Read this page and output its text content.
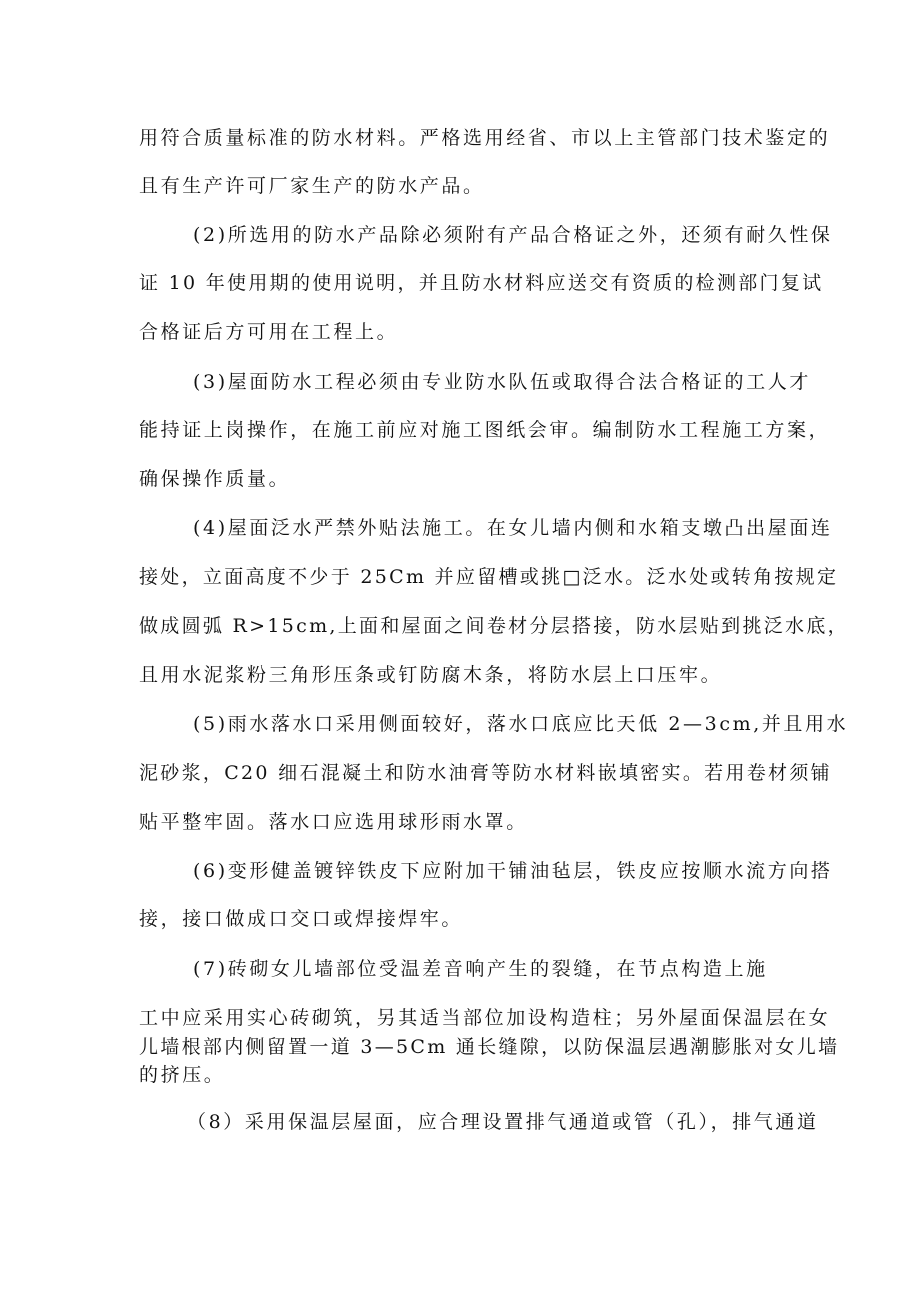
用符合质量标准的防水材料。严格选用经省、市以上主管部门技术鉴定的
且有生产许可厂家生产的防水产品。
(2)所选用的防水产品除必须附有产品合格证之外，还须有耐久性保
证 10 年使用期的使用说明，并且防水材料应送交有资质的检测部门复试
合格证后方可用在工程上。
(3)屋面防水工程必须由专业防水队伍或取得合法合格证的工人才
能持证上岗操作，在施工前应对施工图纸会审。编制防水工程施工方案，
确保操作质量。
(4)屋面泛水严禁外贴法施工。在女儿墙内侧和水箱支墩凸出屋面连
接处，立面高度不少于 25Cm 并应留槽或挑□泛水。泛水处或转角按规定
做成圆弧 R>15cm,上面和屋面之间卷材分层搭接，防水层贴到挑泛水底，
且用水泥浆粉三角形压条或钉防腐木条，将防水层上口压牢。
(5)雨水落水口采用侧面较好，落水口底应比天低 2—3cm,并且用水
泥砂浆，C20 细石混凝土和防水油膏等防水材料嵌填密实。若用卷材须铺
贴平整牢固。落水口应选用球形雨水罩。
(6)变形健盖镀锌铁皮下应附加干铺油毡层，铁皮应按顺水流方向搭
接，接口做成口交口或焊接焊牢。
(7)砖砌女儿墙部位受温差音响产生的裂缝，在节点构造上施
工中应采用实心砖砌筑，另其适当部位加设构造柱；另外屋面保温层在女
儿墙根部内侧留置一道 3—5Cm 通长缝隙，以防保温层遇潮膨胀对女儿墙
的挤压。
（8）采用保温层屋面，应合理设置排气通道或管（孔），排气通道
